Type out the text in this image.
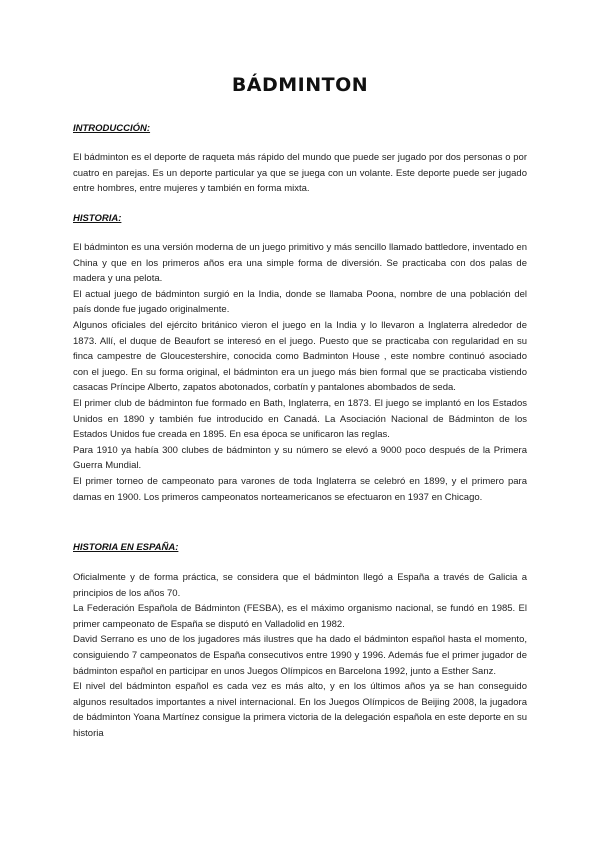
BÁDMINTON
INTRODUCCIÓN:

El bádminton es el deporte de raqueta más rápido del mundo que puede ser jugado por dos personas o por cuatro en parejas. Es un deporte particular ya que se juega con un volante. Este deporte puede ser jugado entre hombres, entre mujeres y también en forma mixta.

HISTORIA:

El bádminton es una versión moderna de un juego primitivo y más sencillo llamado battledore, inventado en China y que en los primeros años era una simple forma de diversión. Se practicaba con dos palas de madera y una pelota.

El actual juego de bádminton surgió en la India, donde se llamaba Poona, nombre de una población del país donde fue jugado originalmente.

Algunos oficiales del ejército británico vieron el juego en la India y lo llevaron a Inglaterra alrededor de 1873. Allí, el duque de Beaufort se interesó en el juego. Puesto que se practicaba con regularidad en su finca campestre de Gloucestershire, conocida como Badminton House , este nombre continuó asociado con el juego. En su forma original, el bádminton era un juego más bien formal que se practicaba vistiendo casacas Príncipe Alberto, zapatos abotonados, corbatín y pantalones abombados de seda.

El primer club de bádminton fue formado en Bath, Inglaterra, en 1873. El juego se implantó en los Estados Unidos en 1890 y también fue introducido en Canadá. La Asociación Nacional de Bádminton de los Estados Unidos fue creada en 1895. En esa época se unificaron las reglas.

Para 1910 ya había 300 clubes de bádminton y su número se elevó a 9000 poco después de la Primera Guerra Mundial.

El primer torneo de campeonato para varones de toda Inglaterra se celebró en 1899, y el primero para damas en 1900. Los primeros campeonatos norteamericanos se efectuaron en 1937 en Chicago.

HISTORIA EN ESPAÑA:

Oficialmente y de forma práctica, se considera que el bádminton llegó a España a través de Galicia a principios de los años 70.

La Federación Española de Bádminton (FESBA), es el máximo organismo nacional, se fundó en 1985. El primer campeonato de España se disputó en Valladolid en 1982.

David Serrano es uno de los jugadores más ilustres que ha dado el bádminton español hasta el momento, consiguiendo 7 campeonatos de España consecutivos entre 1990 y 1996. Además fue el primer jugador de bádminton español en participar en unos Juegos Olímpicos en Barcelona 1992, junto a Esther Sanz.

El nivel del bádminton español es cada vez es más alto, y en los últimos años ya se han conseguido algunos resultados importantes a nivel internacional. En los Juegos Olímpicos de Beijing 2008, la jugadora de bádminton Yoana Martínez consigue la primera victoria de la delegación española en este deporte en su historia
